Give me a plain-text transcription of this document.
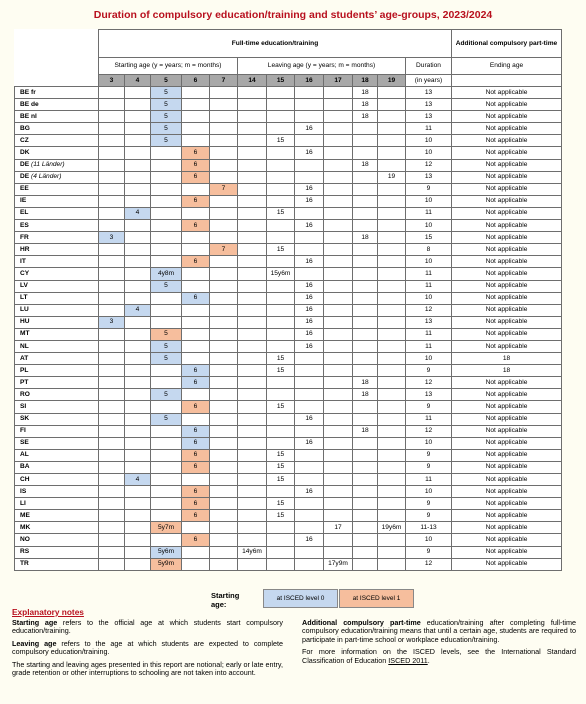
Duration of compulsory education/training and students’ age-groups, 2023/2024
	Full-time education/training												Additional compulsory part-time
	Starting age (y = years; m = months)					Leaving age (y = years; m = months)						Duration	Ending age
	3	4	5	6	7	14	15	16	17	18	19	(in years)	
BE fr			5							18		13	Not applicable
BE de			5							18		13	Not applicable
BE nl			5							18		13	Not applicable
BG			5					16				11	Not applicable
CZ			5				15					10	Not applicable
DK				6				16				10	Not applicable
DE (11 Länder)				6						18		12	Not applicable
DE (4 Länder)				6							19	13	Not applicable
EE					7			16				9	Not applicable
IE				6				16				10	Not applicable
EL		4					15					11	Not applicable
ES				6				16				10	Not applicable
FR	3									18		15	Not applicable
HR					7		15					8	Not applicable
IT				6				16				10	Not applicable
CY			4y8m				15y6m					11	Not applicable
LV			5					16				11	Not applicable
LT				6				16				10	Not applicable
LU		4						16				12	Not applicable
HU	3							16				13	Not applicable
MT			5					16				11	Not applicable
NL			5					16				11	Not applicable
AT			5				15					10	18
PL				6			15					9	18
PT				6						18		12	Not applicable
RO			5							18		13	Not applicable
SI				6			15					9	Not applicable
SK			5					16				11	Not applicable
FI				6						18		12	Not applicable
SE				6				16				10	Not applicable
AL				6			15					9	Not applicable
BA				6			15					9	Not applicable
CH		4					15					11	Not applicable
IS				6				16				10	Not applicable
LI				6			15					9	Not applicable
ME				6			15					9	Not applicable
MK			5y7m						17		19y6m	11-13	Not applicable
NO				6				16				10	Not applicable
RS			5y6m			14y6m						9	Not applicable
TR			5y9m						17y9m			12	Not applicable
Starting age:
at ISCED level 0	at ISCED level 1
Explanatory notes

Starting age refers to the official age at which students start compulsory education/training.

Leaving age refers to the age at which students are expected to complete compulsory education/training.

The starting and leaving ages presented in this report are notional; early or late entry, grade retention or other interruptions to schooling are not taken into account.

Additional compulsory part-time education/training after completing full-time compulsory education/training means that until a certain age, students are required to participate in part-time school or workplace education/training.

For more information on the ISCED levels, see the International Standard Classification of Education ISCED 2011.
